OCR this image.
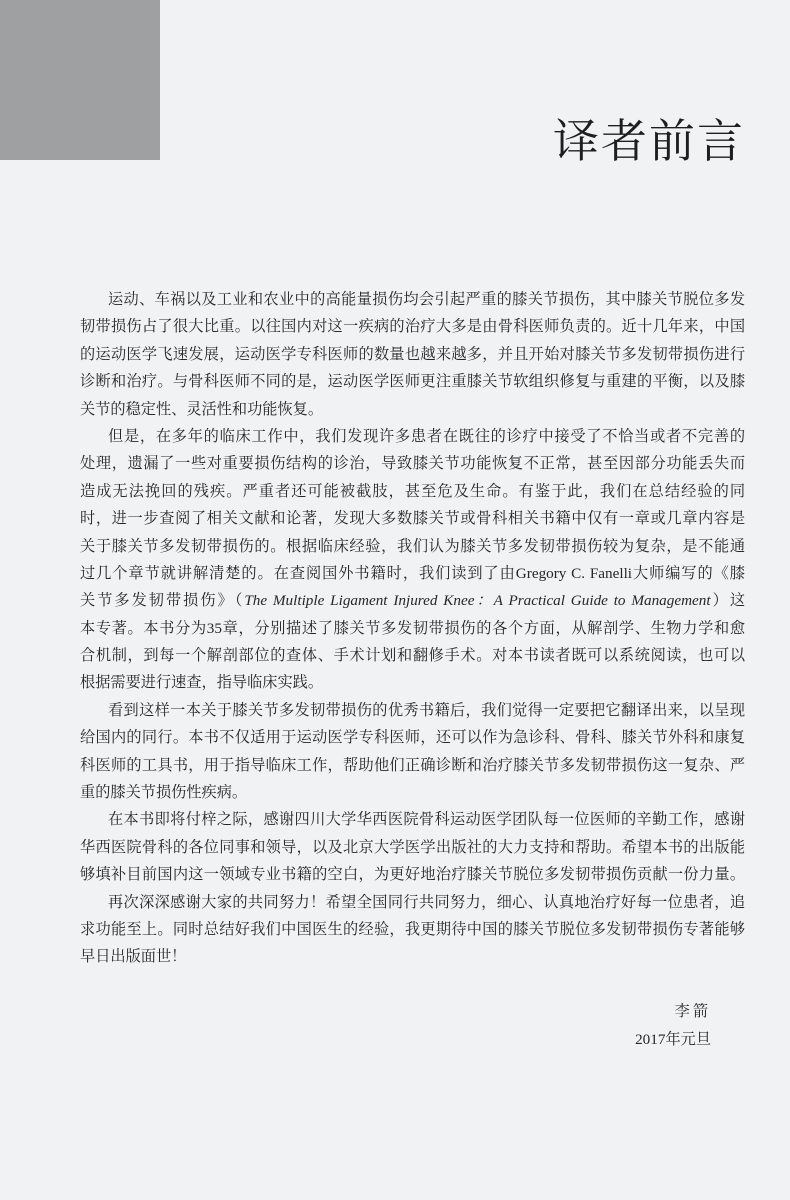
译者前言
运动、车祸以及工业和农业中的高能量损伤均会引起严重的膝关节损伤，其中膝关节脱位多发
韧带损伤占了很大比重。以往国内对这一疾病的治疗大多是由骨科医师负责的。近十几年来，中国
的运动医学飞速发展，运动医学专科医师的数量也越来越多，并且开始对膝关节多发韧带损伤进行
诊断和治疗。与骨科医师不同的是，运动医学医师更注重膝关节软组织修复与重建的平衡，以及膝
关节的稳定性、灵活性和功能恢复。
但是，在多年的临床工作中，我们发现许多患者在既往的诊疗中接受了不恰当或者不完善的
处理，遗漏了一些对重要损伤结构的诊治，导致膝关节功能恢复不正常，甚至因部分功能丢失而
造成无法挽回的残疾。严重者还可能被截肢，甚至危及生命。有鉴于此，我们在总结经验的同
时，进一步查阅了相关文献和论著，发现大多数膝关节或骨科相关书籍中仅有一章或几章内容是
关于膝关节多发韧带损伤的。根据临床经验，我们认为膝关节多发韧带损伤较为复杂，是不能通
过几个章节就讲解清楚的。在查阅国外书籍时，我们读到了由Gregory C. Fanelli大师编写的《膝
关节多发韧带损伤》（The Multiple Ligament Injured Knee：A Practical Guide to Management）这
本专著。本书分为35章，分别描述了膝关节多发韧带损伤的各个方面，从解剖学、生物力学和愈
合机制，到每一个解剖部位的查体、手术计划和翻修手术。对本书读者既可以系统阅读，也可以
根据需要进行速查，指导临床实践。
看到这样一本关于膝关节多发韧带损伤的优秀书籍后，我们觉得一定要把它翻译出来，以呈现
给国内的同行。本书不仅适用于运动医学专科医师，还可以作为急诊科、骨科、膝关节外科和康复
科医师的工具书，用于指导临床工作，帮助他们正确诊断和治疗膝关节多发韧带损伤这一复杂、严
重的膝关节损伤性疾病。
在本书即将付梓之际，感谢四川大学华西医院骨科运动医学团队每一位医师的辛勤工作，感谢
华西医院骨科的各位同事和领导，以及北京大学医学出版社的大力支持和帮助。希望本书的出版能
够填补目前国内这一领域专业书籍的空白，为更好地治疗膝关节脱位多发韧带损伤贡献一份力量。
再次深深感谢大家的共同努力！希望全国同行共同努力，细心、认真地治疗好每一位患者，追
求功能至上。同时总结好我们中国医生的经验，我更期待中国的膝关节脱位多发韧带损伤专著能够
早日出版面世！
李箭
2017年元旦
